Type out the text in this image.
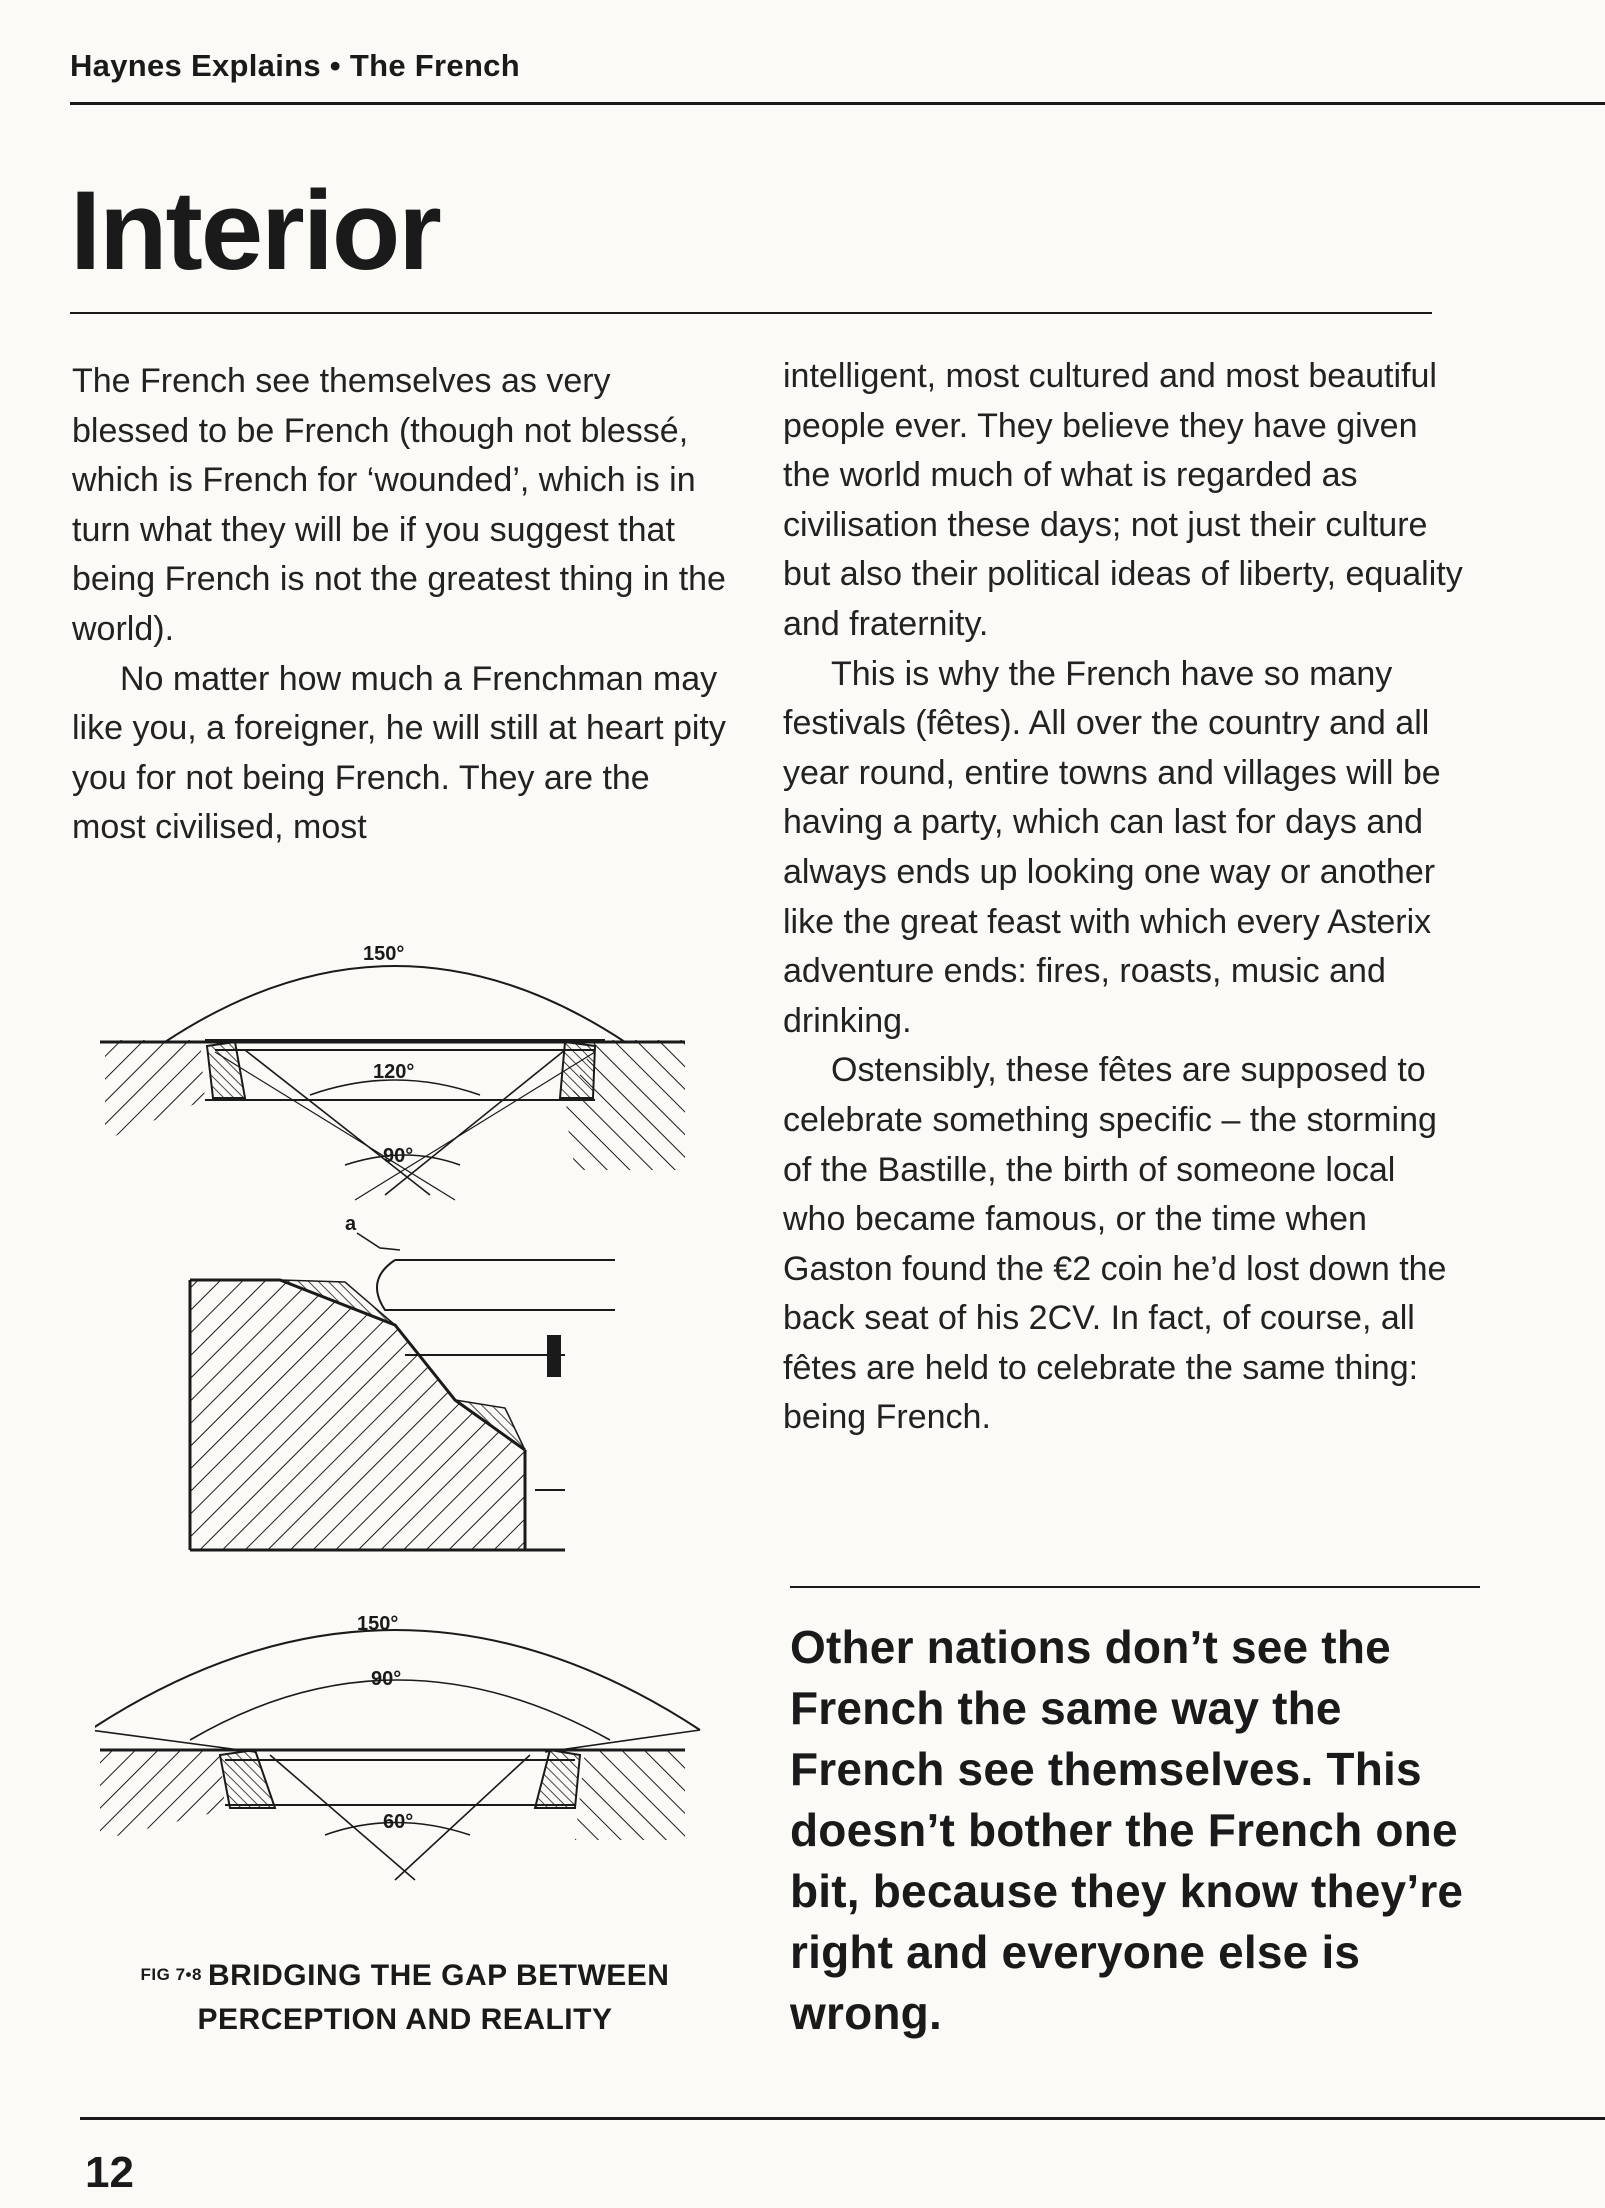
Haynes Explains • The French
Interior

The French see themselves as very blessed to be French (though not blessé, which is French for ‘wounded’, which is in turn what they will be if you suggest that being French is not the greatest thing in the world).

No matter how much a Frenchman may like you, a foreigner, he will still at heart pity you for not being French. They are the most civilised, most

intelligent, most cultured and most beautiful people ever. They believe they have given the world much of what is regarded as civilisation these days; not just their culture but also their political ideas of liberty, equality and fraternity.

This is why the French have so many festivals (fêtes). All over the country and all year round, entire towns and villages will be having a party, which can last for days and always ends up looking one way or another like the great feast with which every Asterix adventure ends: fires, roasts, music and drinking.

Ostensibly, these fêtes are supposed to celebrate something specific – the storming of the Bastille, the birth of someone local who became famous, or the time when Gaston found the €2 coin he’d lost down the back seat of his 2CV. In fact, of course, all fêtes are held to celebrate the same thing: being French.

Other nations don’t see the French the same way the French see themselves. This doesn’t bother the French one bit, because they know they’re right and everyone else is wrong.

150°
120°
90°
a
150°
90°
60°
FIG 7•8 BRIDGING THE GAP BETWEEN
PERCEPTION AND REALITY
12
